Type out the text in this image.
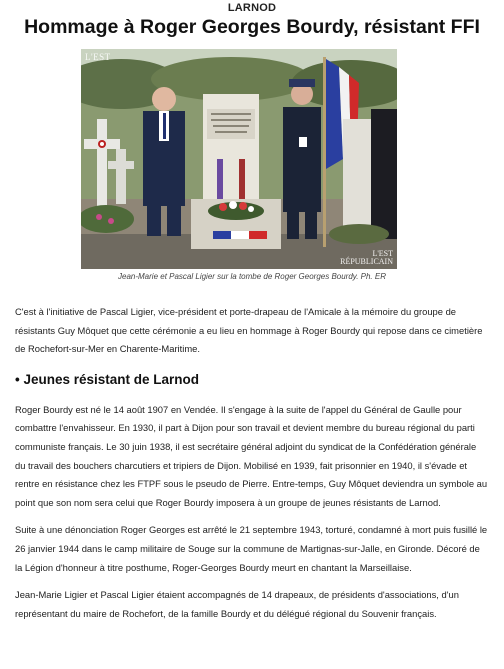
LARNOD
Hommage à Roger Georges Bourdy, résistant FFI
L'EST
L'EST
RÉPUBLICAIN
Jean-Marie et Pascal Ligier sur la tombe de Roger Georges Bourdy. Ph. ER

C'est à l'initiative de Pascal Ligier, vice-président et porte-drapeau de l'Amicale à la mémoire du groupe de résistants Guy Môquet que cette cérémonie a eu lieu en hommage à Roger Bourdy qui repose dans ce cimetière de Rochefort-sur-Mer en Charente-Maritime.

• Jeunes résistant de Larnod

Roger Bourdy est né le 14 août 1907 en Vendée. Il s'engage à la suite de l'appel du Général de Gaulle pour combattre l'envahisseur. En 1930, il part à Dijon pour son travail et devient membre du bureau régional du parti communiste français. Le 30 juin 1938, il est secrétaire général adjoint du syndicat de la Confédération générale du travail des bouchers charcutiers et tripiers de Dijon. Mobilisé en 1939, fait prisonnier en 1940, il s'évade et rentre en résistance chez les FTPF sous le pseudo de Pierre. Entre-temps, Guy Môquet deviendra un symbole au point que son nom sera celui que Roger Bourdy imposera à un groupe de jeunes résistants de Larnod.

Suite à une dénonciation Roger Georges est arrêté le 21 septembre 1943, torturé, condamné à mort puis fusillé le 26 janvier 1944 dans le camp militaire de Souge sur la commune de Martignas-sur-Jalle, en Gironde. Décoré de la Légion d'honneur à titre posthume, Roger-Georges Bourdy meurt en chantant la Marseillaise.

Jean-Marie Ligier et Pascal Ligier étaient accompagnés de 14 drapeaux, de présidents d'associations, d'un représentant du maire de Rochefort, de la famille Bourdy et du délégué régional du Souvenir français.
